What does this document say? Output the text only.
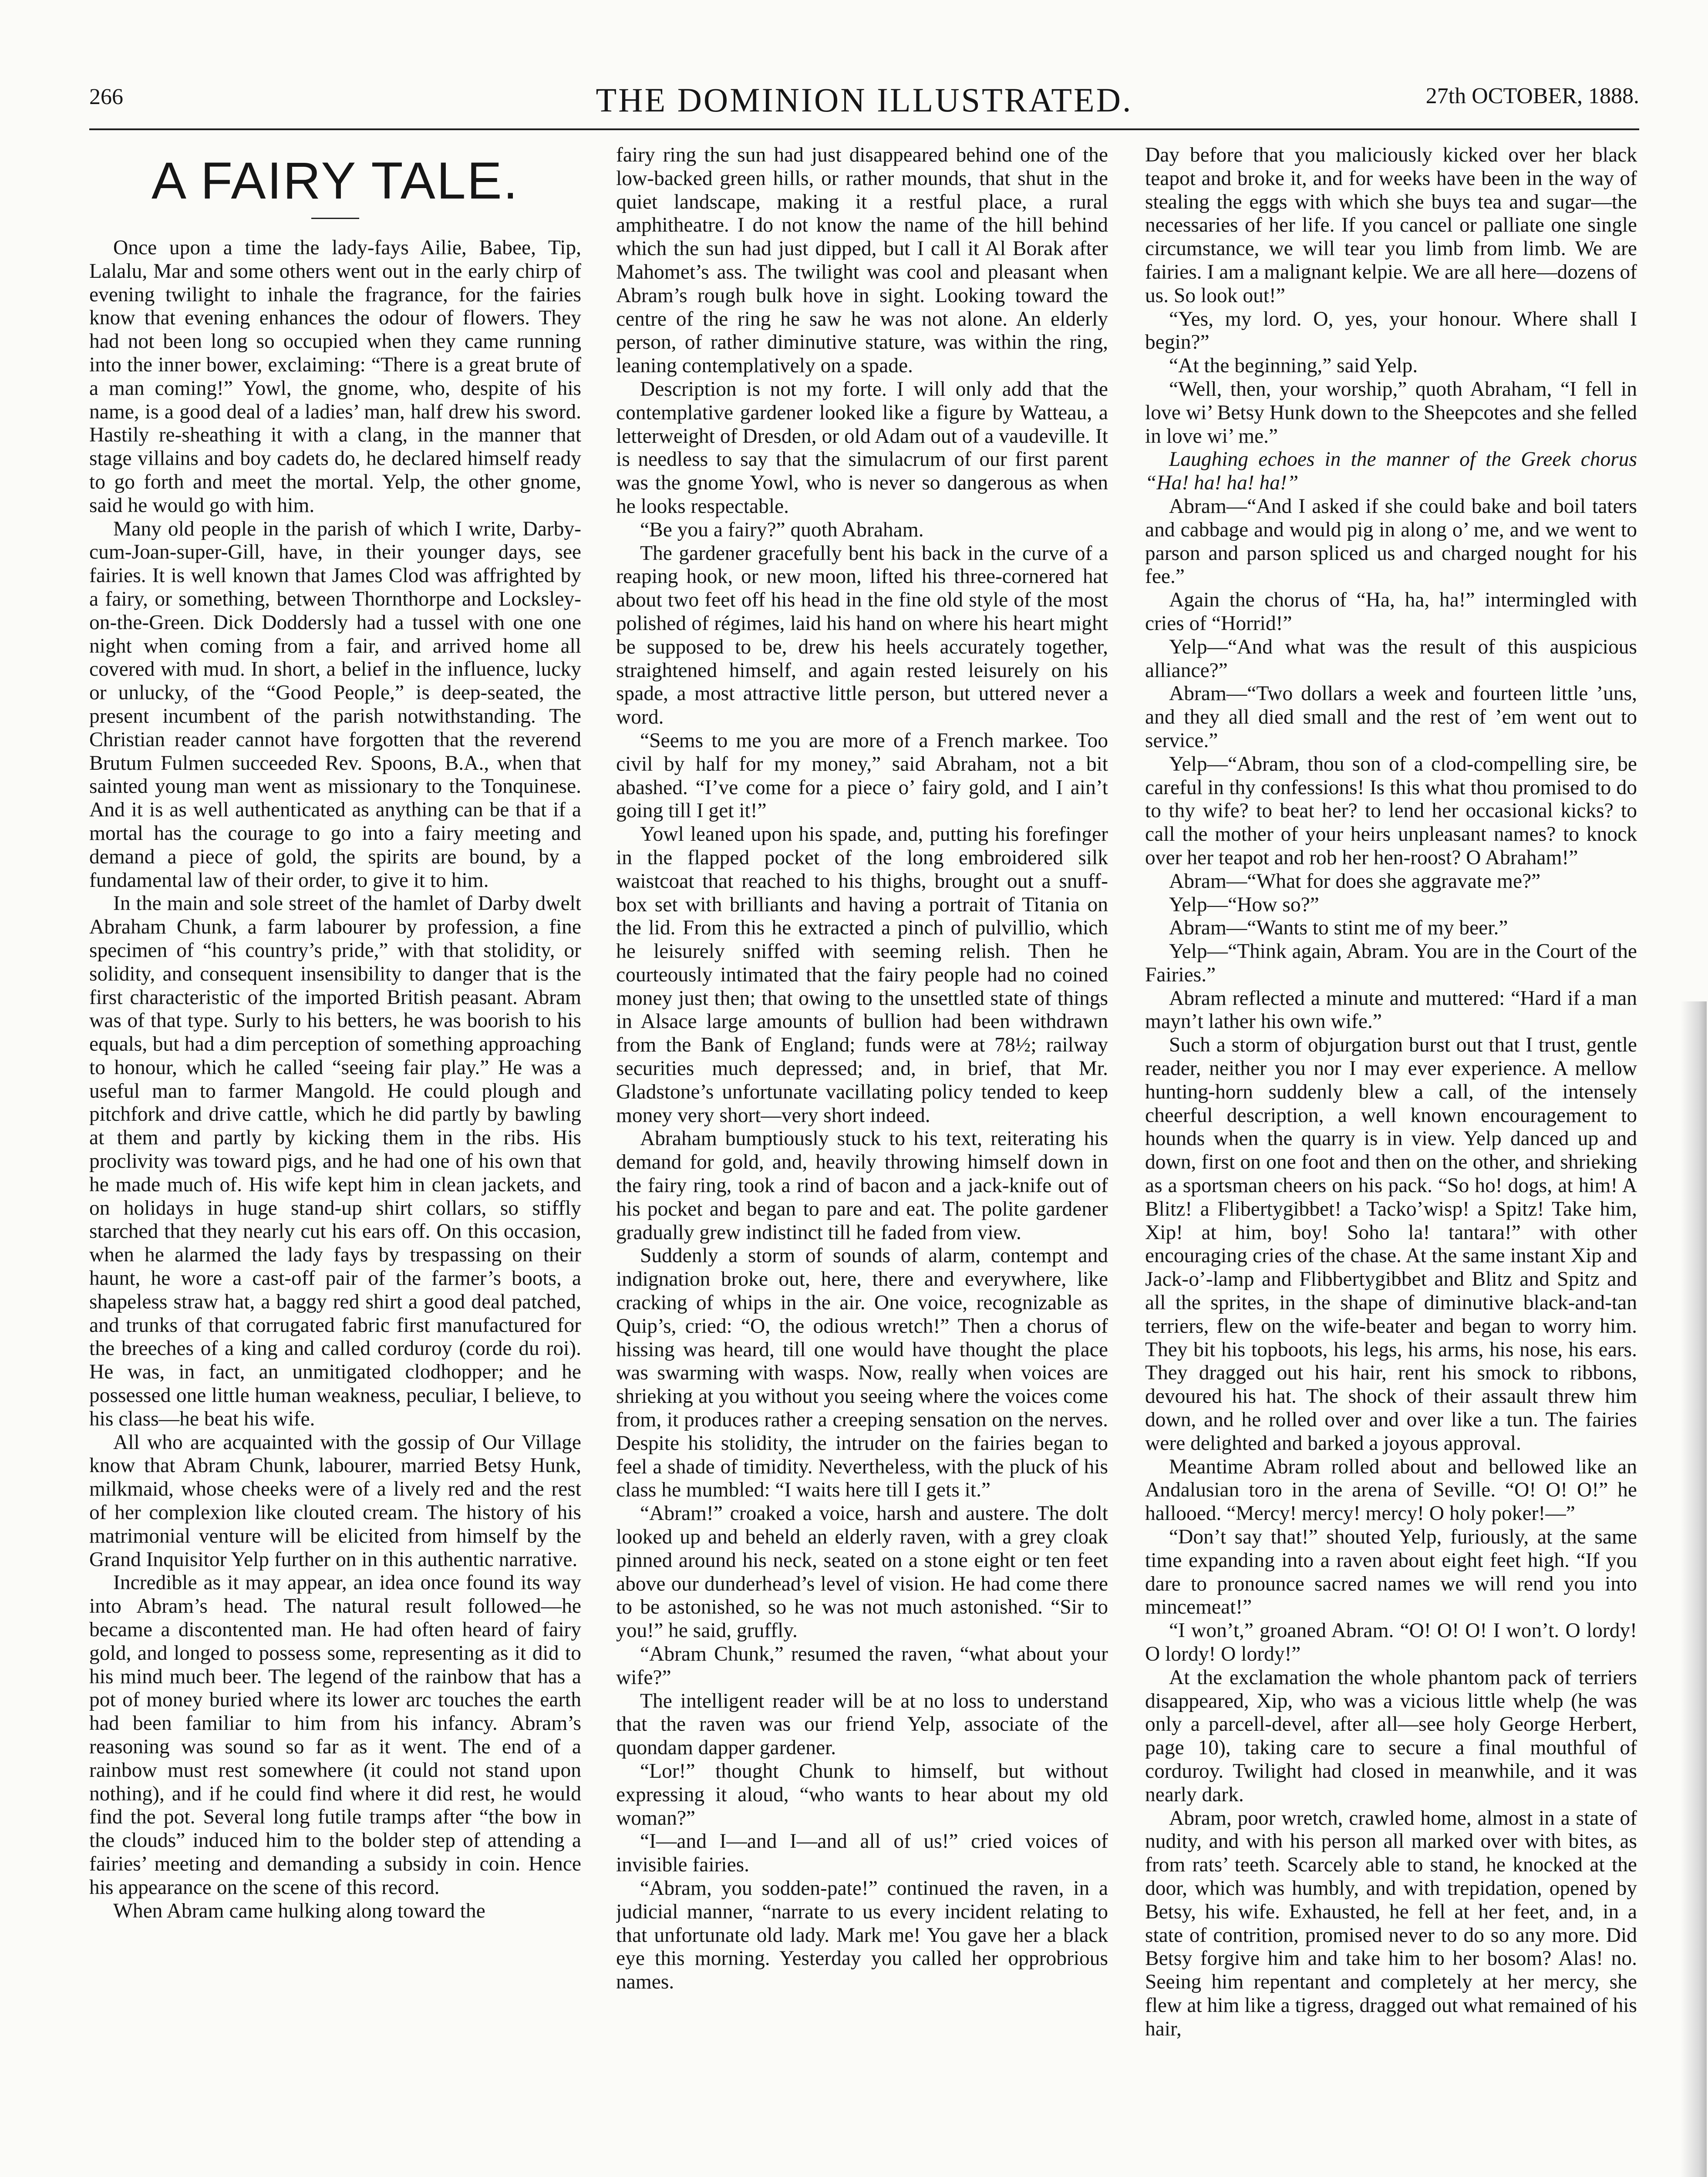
266	THE DOMINION ILLUSTRATED.	27th OCTOBER, 1888.
A FAIRY TALE.

Once upon a time the lady-fays Ailie, Babee, Tip, Lalalu, Mar and some others went out in the early chirp of evening twilight to inhale the fragrance, for the fairies know that evening enhances the odour of flowers. They had not been long so occupied when they came running into the inner bower, exclaiming: “There is a great brute of a man coming!” Yowl, the gnome, who, despite of his name, is a good deal of a ladies’ man, half drew his sword. Hastily re-sheathing it with a clang, in the manner that stage villains and boy cadets do, he declared himself ready to go forth and meet the mortal. Yelp, the other gnome, said he would go with him.

Many old people in the parish of which I write, Darby-cum-Joan-super-Gill, have, in their younger days, see fairies. It is well known that James Clod was affrighted by a fairy, or something, between Thornthorpe and Locksley-on-the-Green. Dick Doddersly had a tussel with one one night when coming from a fair, and arrived home all covered with mud. In short, a belief in the influence, lucky or unlucky, of the “Good People,” is deep-seated, the present incumbent of the parish notwithstanding. The Christian reader cannot have forgotten that the reverend Brutum Fulmen succeeded Rev. Spoons, B.A., when that sainted young man went as missionary to the Tonquinese. And it is as well authenticated as anything can be that if a mortal has the courage to go into a fairy meeting and demand a piece of gold, the spirits are bound, by a fundamental law of their order, to give it to him.

In the main and sole street of the hamlet of Darby dwelt Abraham Chunk, a farm labourer by profession, a fine specimen of “his country’s pride,” with that stolidity, or solidity, and consequent insensibility to danger that is the first characteristic of the imported British peasant. Abram was of that type. Surly to his betters, he was boorish to his equals, but had a dim perception of something approaching to honour, which he called “seeing fair play.” He was a useful man to farmer Mangold. He could plough and pitchfork and drive cattle, which he did partly by bawling at them and partly by kicking them in the ribs. His proclivity was toward pigs, and he had one of his own that he made much of. His wife kept him in clean jackets, and on holidays in huge stand-up shirt collars, so stiffly starched that they nearly cut his ears off. On this occasion, when he alarmed the lady fays by trespassing on their haunt, he wore a cast-off pair of the farmer’s boots, a shapeless straw hat, a baggy red shirt a good deal patched, and trunks of that corrugated fabric first manufactured for the breeches of a king and called corduroy (corde du roi). He was, in fact, an unmitigated clodhopper; and he possessed one little human weakness, peculiar, I believe, to his class—he beat his wife.

All who are acquainted with the gossip of Our Village know that Abram Chunk, labourer, married Betsy Hunk, milkmaid, whose cheeks were of a lively red and the rest of her complexion like clouted cream. The history of his matrimonial venture will be elicited from himself by the Grand Inquisitor Yelp further on in this authentic narrative.

Incredible as it may appear, an idea once found its way into Abram’s head. The natural result followed—he became a discontented man. He had often heard of fairy gold, and longed to possess some, representing as it did to his mind much beer. The legend of the rainbow that has a pot of money buried where its lower arc touches the earth had been familiar to him from his infancy. Abram’s reasoning was sound so far as it went. The end of a rainbow must rest somewhere (it could not stand upon nothing), and if he could find where it did rest, he would find the pot. Several long futile tramps after “the bow in the clouds” induced him to the bolder step of attending a fairies’ meeting and demanding a subsidy in coin. Hence his appearance on the scene of this record.

When Abram came hulking along toward the

fairy ring the sun had just disappeared behind one of the low-backed green hills, or rather mounds, that shut in the quiet landscape, making it a restful place, a rural amphitheatre. I do not know the name of the hill behind which the sun had just dipped, but I call it Al Borak after Mahomet’s ass. The twilight was cool and pleasant when Abram’s rough bulk hove in sight. Looking toward the centre of the ring he saw he was not alone. An elderly person, of rather diminutive stature, was within the ring, leaning contemplatively on a spade.

Description is not my forte. I will only add that the contemplative gardener looked like a figure by Watteau, a letterweight of Dresden, or old Adam out of a vaudeville. It is needless to say that the simulacrum of our first parent was the gnome Yowl, who is never so dangerous as when he looks respectable.

“Be you a fairy?” quoth Abraham.

The gardener gracefully bent his back in the curve of a reaping hook, or new moon, lifted his three-cornered hat about two feet off his head in the fine old style of the most polished of régimes, laid his hand on where his heart might be supposed to be, drew his heels accurately together, straightened himself, and again rested leisurely on his spade, a most attractive little person, but uttered never a word.

“Seems to me you are more of a French markee. Too civil by half for my money,” said Abraham, not a bit abashed. “I’ve come for a piece o’ fairy gold, and I ain’t going till I get it!”

Yowl leaned upon his spade, and, putting his forefinger in the flapped pocket of the long embroidered silk waistcoat that reached to his thighs, brought out a snuff-box set with brilliants and having a portrait of Titania on the lid. From this he extracted a pinch of pulvillio, which he leisurely sniffed with seeming relish. Then he courteously intimated that the fairy people had no coined money just then; that owing to the unsettled state of things in Alsace large amounts of bullion had been withdrawn from the Bank of England; funds were at 78½; railway securities much depressed; and, in brief, that Mr. Gladstone’s unfortunate vacillating policy tended to keep money very short—very short indeed.

Abraham bumptiously stuck to his text, reiterating his demand for gold, and, heavily throwing himself down in the fairy ring, took a rind of bacon and a jack-knife out of his pocket and began to pare and eat. The polite gardener gradually grew indistinct till he faded from view.

Suddenly a storm of sounds of alarm, contempt and indignation broke out, here, there and everywhere, like cracking of whips in the air. One voice, recognizable as Quip’s, cried: “O, the odious wretch!” Then a chorus of hissing was heard, till one would have thought the place was swarming with wasps. Now, really when voices are shrieking at you without you seeing where the voices come from, it produces rather a creeping sensation on the nerves. Despite his stolidity, the intruder on the fairies began to feel a shade of timidity. Nevertheless, with the pluck of his class he mumbled: “I waits here till I gets it.”

“Abram!” croaked a voice, harsh and austere. The dolt looked up and beheld an elderly raven, with a grey cloak pinned around his neck, seated on a stone eight or ten feet above our dunderhead’s level of vision. He had come there to be astonished, so he was not much astonished. “Sir to you!” he said, gruffly.

“Abram Chunk,” resumed the raven, “what about your wife?”

The intelligent reader will be at no loss to understand that the raven was our friend Yelp, associate of the quondam dapper gardener.

“Lor!” thought Chunk to himself, but without expressing it aloud, “who wants to hear about my old woman?”

“I—and I—and I—and all of us!” cried voices of invisible fairies.

“Abram, you sodden-pate!” continued the raven, in a judicial manner, “narrate to us every incident relating to that unfortunate old lady. Mark me! You gave her a black eye this morning. Yesterday you called her opprobrious names.

Day before that you maliciously kicked over her black teapot and broke it, and for weeks have been in the way of stealing the eggs with which she buys tea and sugar—the necessaries of her life. If you cancel or palliate one single circumstance, we will tear you limb from limb. We are fairies. I am a malignant kelpie. We are all here—dozens of us. So look out!”

“Yes, my lord. O, yes, your honour. Where shall I begin?”

“At the beginning,” said Yelp.

“Well, then, your worship,” quoth Abraham, “I fell in love wi’ Betsy Hunk down to the Sheepcotes and she felled in love wi’ me.”

Laughing echoes in the manner of the Greek chorus “Ha! ha! ha! ha!”

Abram—“And I asked if she could bake and boil taters and cabbage and would pig in along o’ me, and we went to parson and parson spliced us and charged nought for his fee.”

Again the chorus of “Ha, ha, ha!” intermingled with cries of “Horrid!”

Yelp—“And what was the result of this auspicious alliance?”

Abram—“Two dollars a week and fourteen little ’uns, and they all died small and the rest of ’em went out to service.”

Yelp—“Abram, thou son of a clod-compelling sire, be careful in thy confessions! Is this what thou promised to do to thy wife? to beat her? to lend her occasional kicks? to call the mother of your heirs unpleasant names? to knock over her teapot and rob her hen-roost? O Abraham!”

Abram—“What for does she aggravate me?”

Yelp—“How so?”

Abram—“Wants to stint me of my beer.”

Yelp—“Think again, Abram. You are in the Court of the Fairies.”

Abram reflected a minute and muttered: “Hard if a man mayn’t lather his own wife.”

Such a storm of objurgation burst out that I trust, gentle reader, neither you nor I may ever experience. A mellow hunting-horn suddenly blew a call, of the intensely cheerful description, a well known encouragement to hounds when the quarry is in view. Yelp danced up and down, first on one foot and then on the other, and shrieking as a sportsman cheers on his pack. “So ho! dogs, at him! A Blitz! a Flibertygibbet! a Tacko’wisp! a Spitz! Take him, Xip! at him, boy! Soho la! tantara!” with other encouraging cries of the chase. At the same instant Xip and Jack-o’-lamp and Flibbertygibbet and Blitz and Spitz and all the sprites, in the shape of diminutive black-and-tan terriers, flew on the wife-beater and began to worry him. They bit his topboots, his legs, his arms, his nose, his ears. They dragged out his hair, rent his smock to ribbons, devoured his hat. The shock of their assault threw him down, and he rolled over and over like a tun. The fairies were delighted and barked a joyous approval.

Meantime Abram rolled about and bellowed like an Andalusian toro in the arena of Seville. “O! O! O!” he hallooed. “Mercy! mercy! mercy! O holy poker!—”

“Don’t say that!” shouted Yelp, furiously, at the same time expanding into a raven about eight feet high. “If you dare to pronounce sacred names we will rend you into mincemeat!”

“I won’t,” groaned Abram. “O! O! O! I won’t. O lordy! O lordy! O lordy!”

At the exclamation the whole phantom pack of terriers disappeared, Xip, who was a vicious little whelp (he was only a parcell-devel, after all—see holy George Herbert, page 10), taking care to secure a final mouthful of corduroy. Twilight had closed in meanwhile, and it was nearly dark.

Abram, poor wretch, crawled home, almost in a state of nudity, and with his person all marked over with bites, as from rats’ teeth. Scarcely able to stand, he knocked at the door, which was humbly, and with trepidation, opened by Betsy, his wife. Exhausted, he fell at her feet, and, in a state of contrition, promised never to do so any more. Did Betsy forgive him and take him to her bosom? Alas! no. Seeing him repentant and completely at her mercy, she flew at him like a tigress, dragged out what remained of his hair,
